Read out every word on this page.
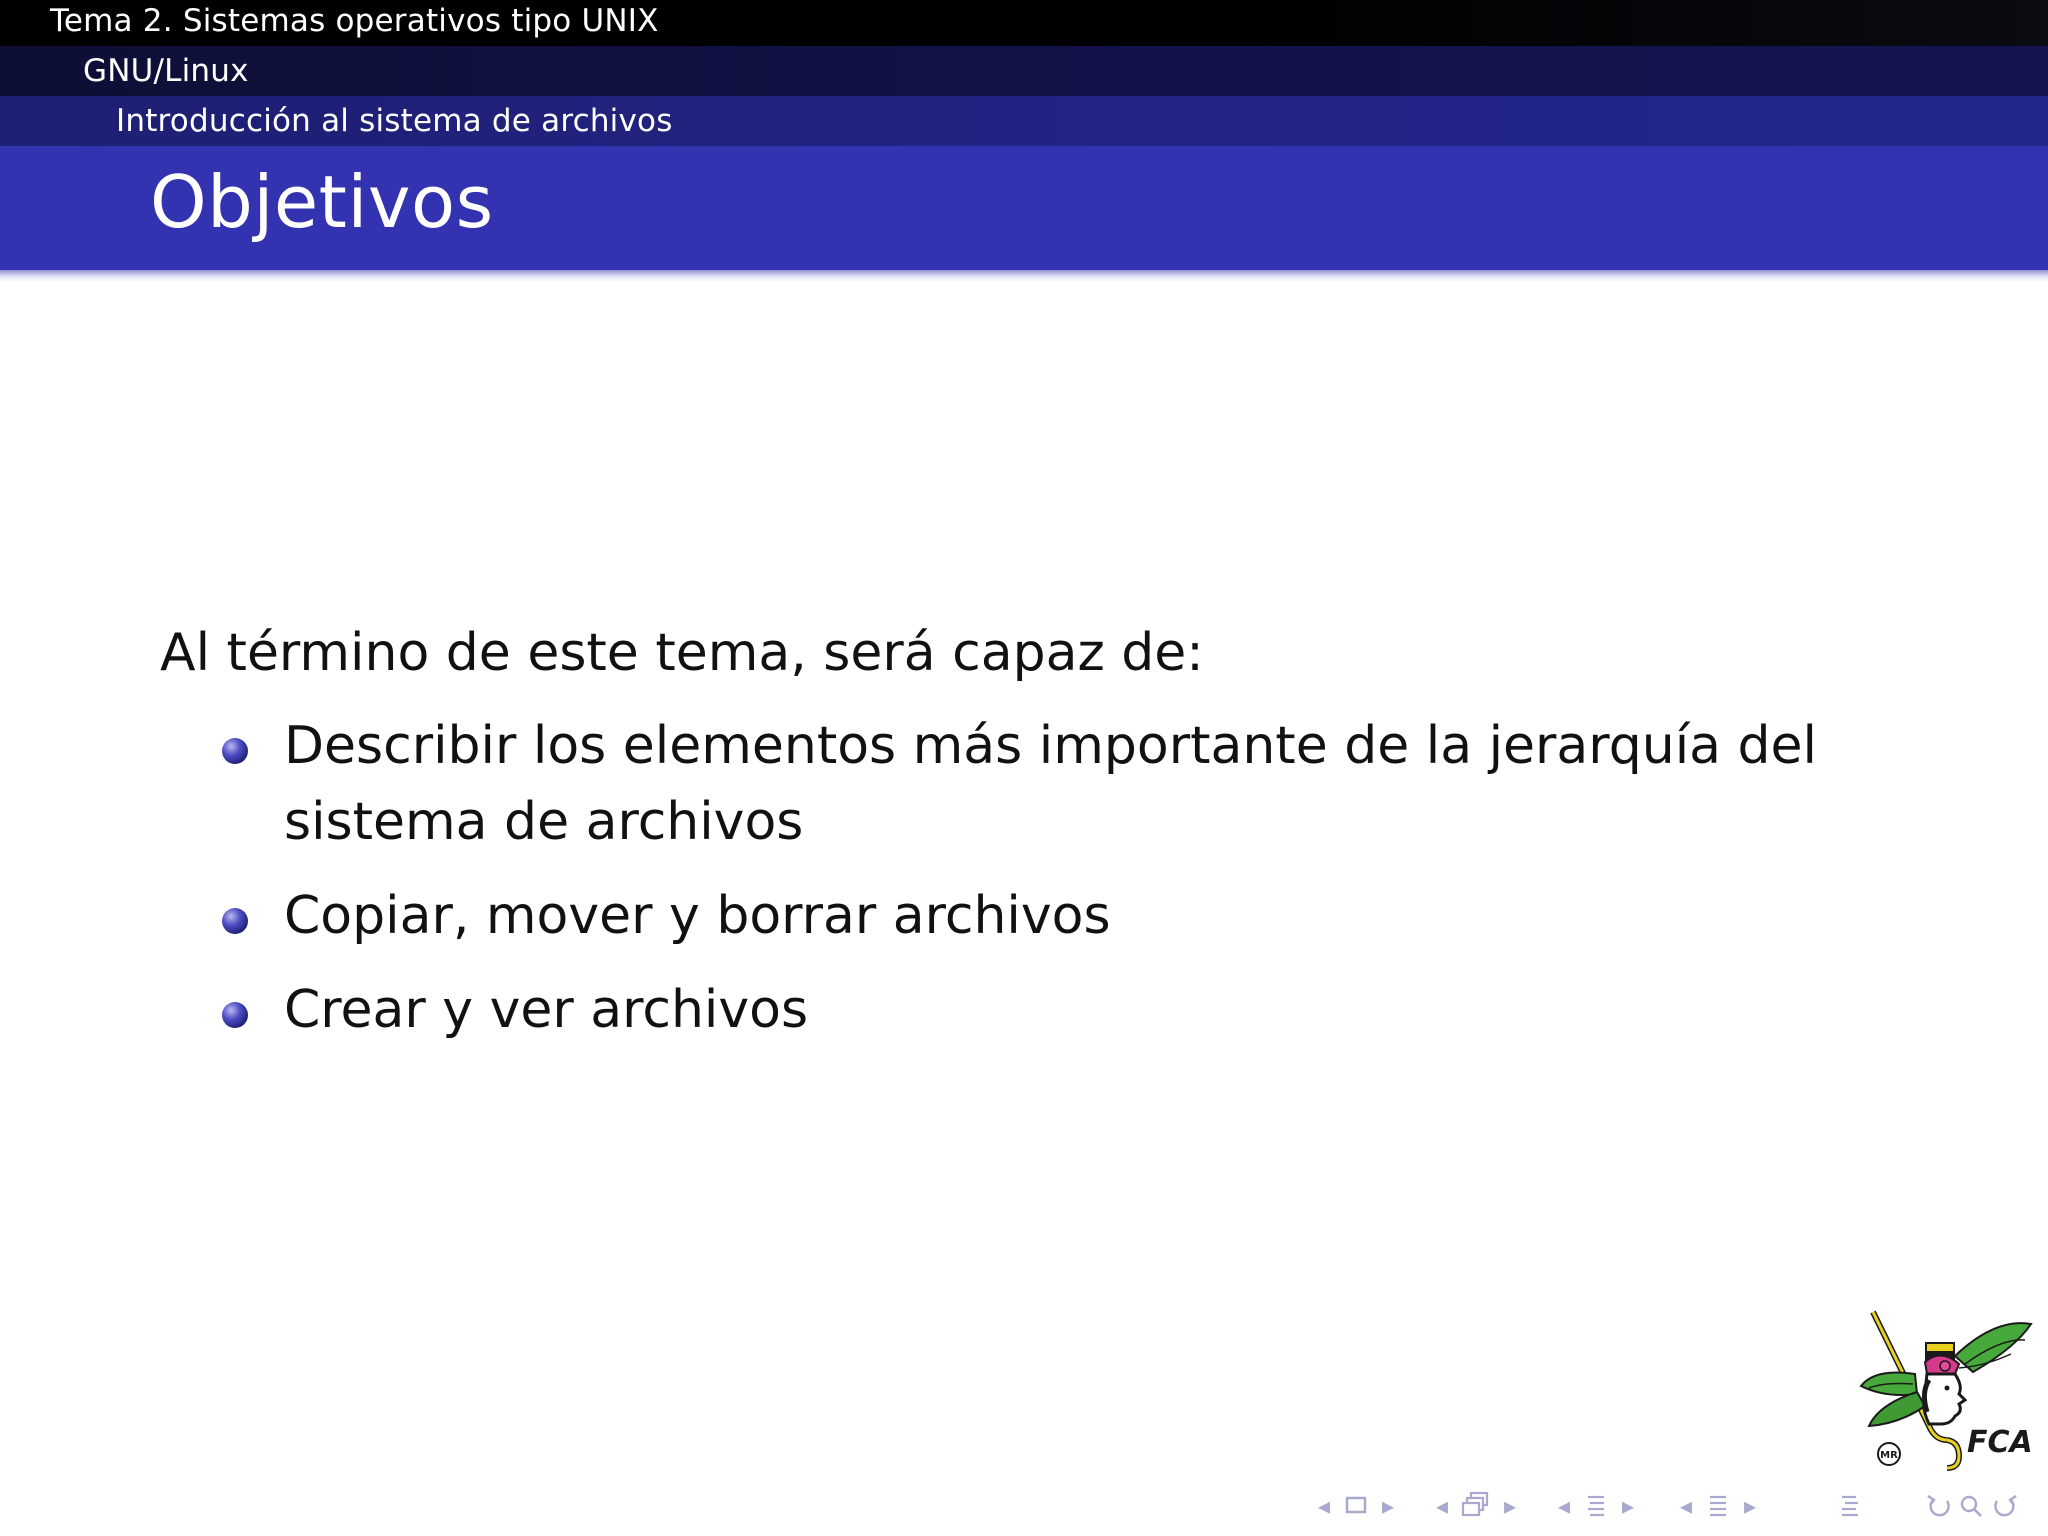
Tema 2. Sistemas operativos tipo UNIX
GNU/Linux
Introducción al sistema de archivos
Objetivos

Al término de este tema, será capaz de:

Describir los elementos más importante de la jerarquía del sistema de archivos
Copiar, mover y borrar archivos
Crear y ver archivos
MR FCA
◂ ▸ ◂ ▸ ◂ ▸ ◂ ▸
